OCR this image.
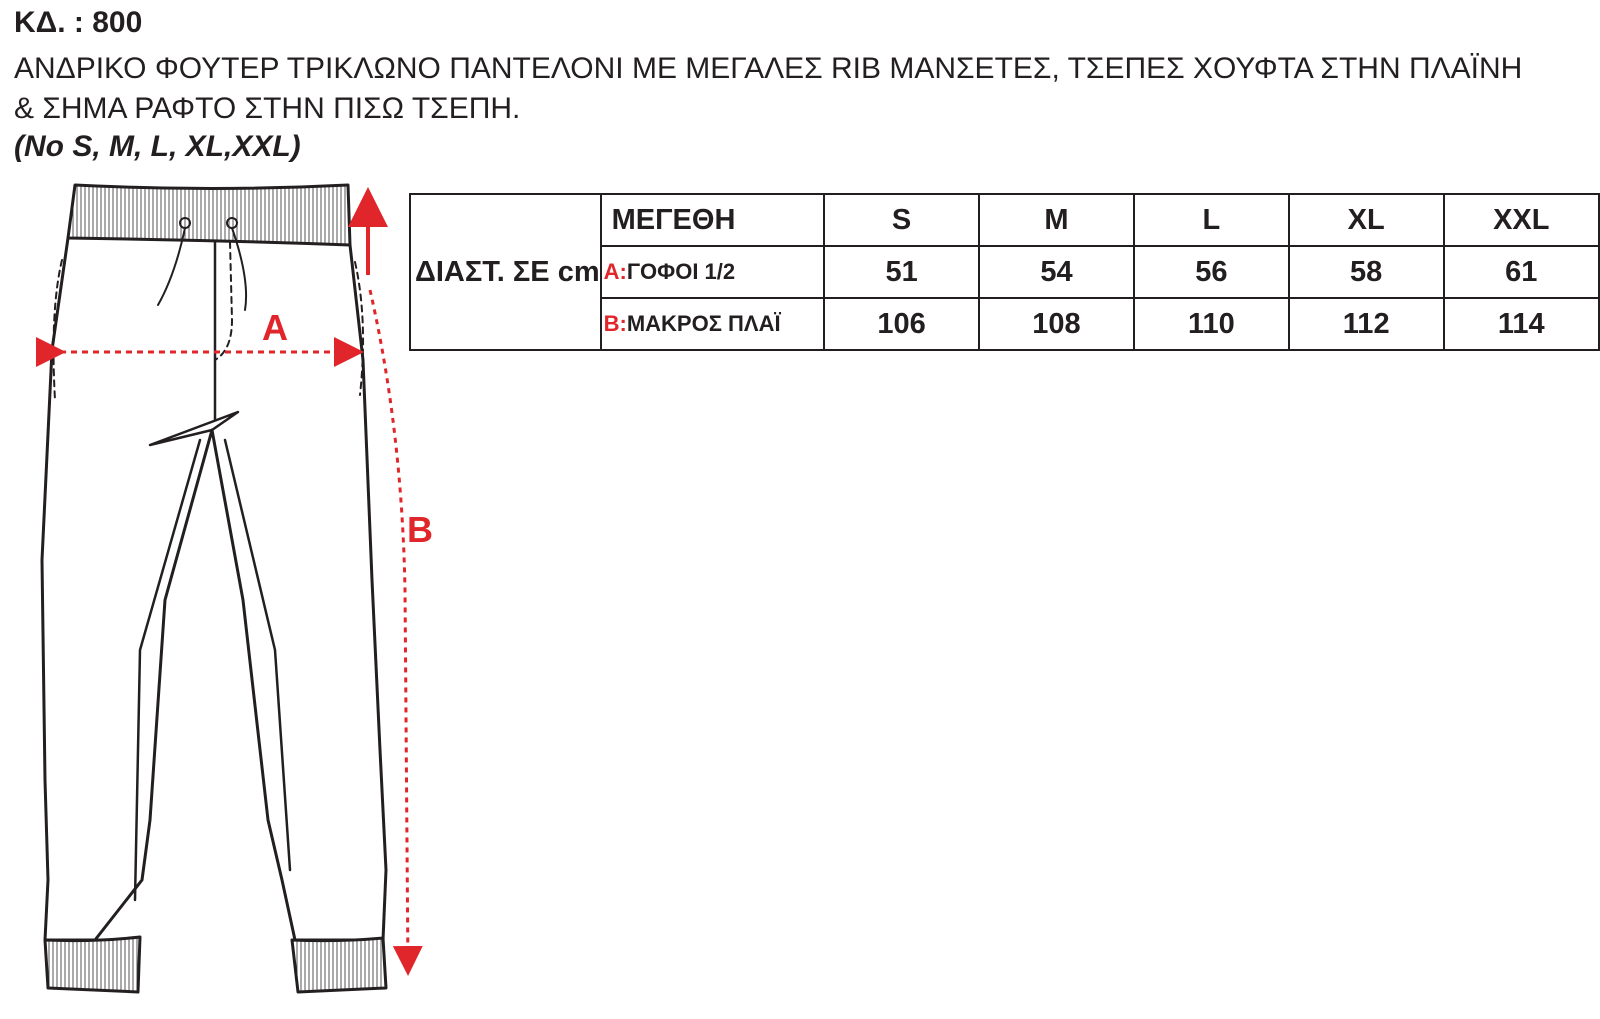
ΚΔ. : 800
ΑΝΔΡΙΚΟ ΦΟΥΤΕΡ ΤΡΙΚΛΩΝΟ ΠΑΝΤΕΛΟΝΙ ΜΕ ΜΕΓΑΛΕΣ RIB ΜΑΝΣΕΤΕΣ, ΤΣΕΠΕΣ ΧΟΥΦΤΑ ΣΤΗΝ ΠΛΑΪΝΗ
& ΣΗΜΑ ΡΑΦΤΟ ΣΤΗΝ ΠΙΣΩ ΤΣΕΠΗ.
(No S, M, L, XL,XXL)
A
B
ΔΙΑΣΤ. ΣΕ cm	ΜΕΓΕΘΗ	S	M	L	XL	XXL
	A:ΓΟΦΟΙ 1/2	51	54	56	58	61
	B:ΜΑΚΡΟΣ ΠΛΑΪ	106	108	110	112	114
